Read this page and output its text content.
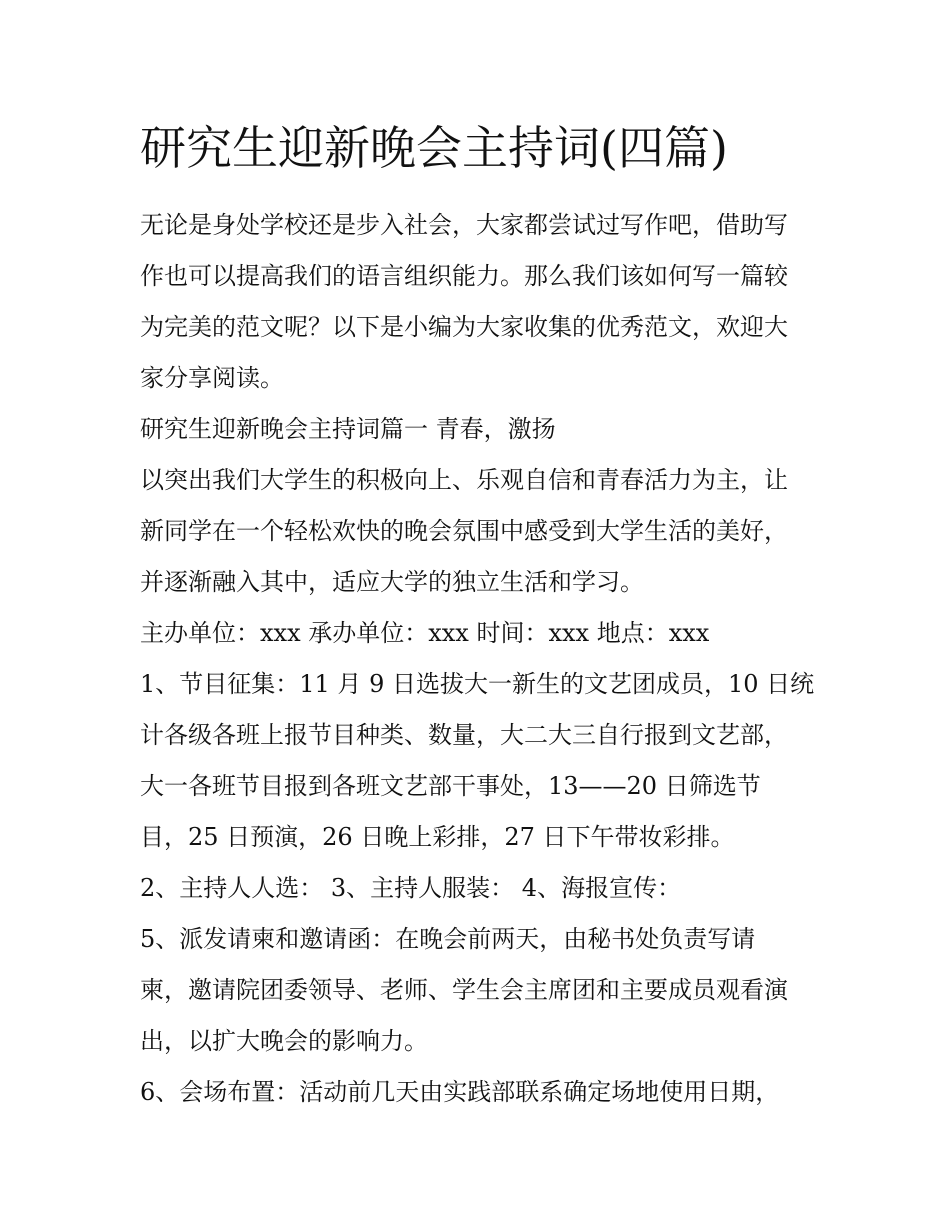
研究生迎新晚会主持词(四篇)
无论是身处学校还是步入社会，大家都尝试过写作吧，借助写
作也可以提高我们的语言组织能力。那么我们该如何写一篇较
为完美的范文呢？以下是小编为大家收集的优秀范文，欢迎大
家分享阅读。
研究生迎新晚会主持词篇一 青春，激扬
以突出我们大学生的积极向上、乐观自信和青春活力为主，让
新同学在一个轻松欢快的晚会氛围中感受到大学生活的美好，
并逐渐融入其中，适应大学的独立生活和学习。
主办单位：xxx 承办单位：xxx 时间：xxx 地点：xxx
1、节目征集：11 月 9 日选拔大一新生的文艺团成员，10 日统
计各级各班上报节目种类、数量，大二大三自行报到文艺部，
大一各班节目报到各班文艺部干事处，13——20 日筛选节
目，25 日预演，26 日晚上彩排，27 日下午带妆彩排。
2、主持人人选： 3、主持人服装： 4、海报宣传：
5、派发请柬和邀请函：在晚会前两天，由秘书处负责写请
柬，邀请院团委领导、老师、学生会主席团和主要成员观看演
出，以扩大晚会的影响力。
6、会场布置：活动前几天由实践部联系确定场地使用日期，
